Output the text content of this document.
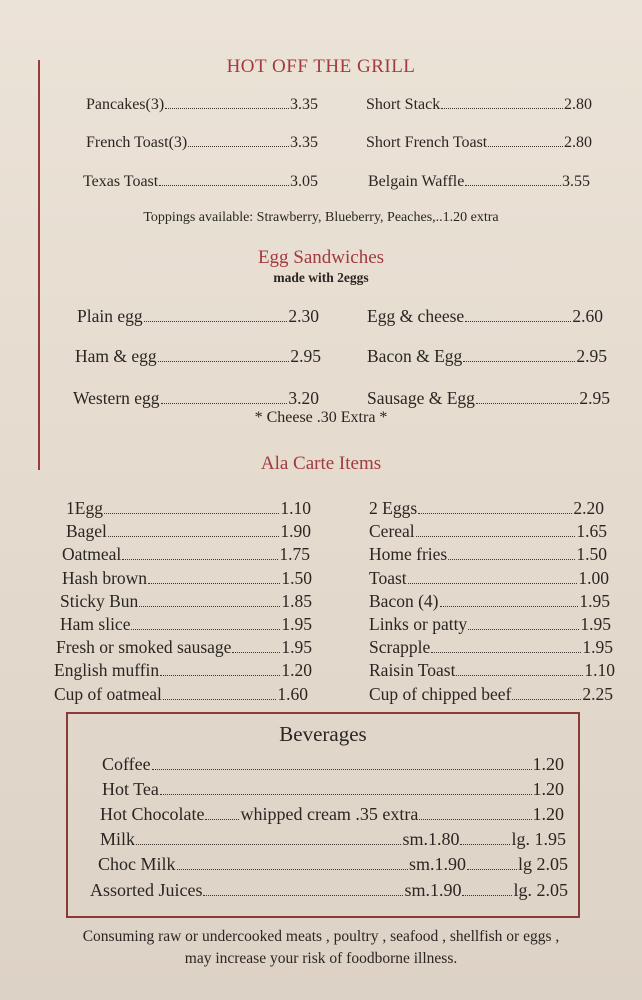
HOT OFF THE GRILL
Pancakes(3)	3.35	Short Stack	2.80
French Toast(3)	3.35	Short French Toast	2.80
Texas Toast	3.05	Belgain Waffle	3.55
Toppings available: Strawberry, Blueberry, Peaches,..1.20 extra
Egg Sandwiches
made with 2eggs
Plain egg	2.30	Egg & cheese	2.60
Ham & egg	2.95	Bacon & Egg	2.95
Western egg	3.20	Sausage & Egg	2.95
* Cheese .30 Extra *
Ala Carte Items
1Egg	1.10
Bagel	1.90
Oatmeal	1.75
Hash brown	1.50
Sticky Bun	1.85
Ham slice	1.95
Fresh or smoked sausage	1.95
English muffin	1.20
Cup of oatmeal	1.60
2 Eggs	2.20
Cereal	1.65
Home fries	1.50
Toast	1.00
Bacon (4)	1.95
Links or patty	1.95
Scrapple	1.95
Raisin Toast	1.10
Cup of chipped beef	2.25
Beverages
Coffee	1.20
Hot Tea	1.20
Hot Chocolate whipped cream .35 extra	1.20
Milk	sm.1.80	lg. 1.95
Choc Milk	sm.1.90	lg 2.05
Assorted Juices	sm.1.90	lg. 2.05
Consuming raw or undercooked meats , poultry , seafood , shellfish or eggs ,
may increase your risk of foodborne illness.
